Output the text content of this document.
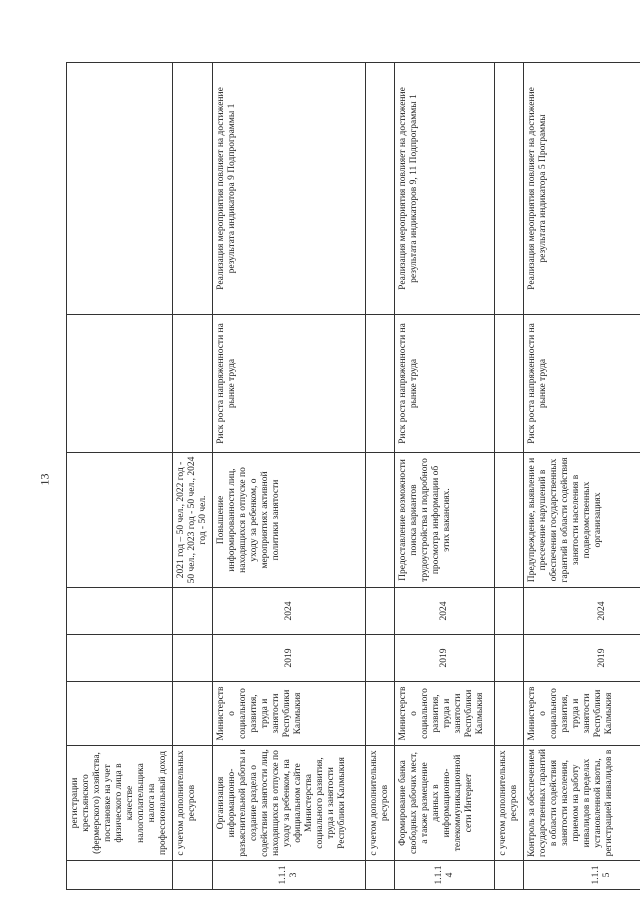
13
	регистрации крестьянского (фермерского) хозяйства, постановке на учет физического лица в качестве налогоплательщика налога на профессиональный доход						
	с учетом дополнительных ресурсов				2021 год – 50 чел., 2022 год - 50 чел., 2023 год - 50 чел., 2024 год - 50 чел.		
1.1.13	Организация информационно-разъяснительной работы и создание раздела о содействии занятости лиц, находящихся в отпуске по уходу за ребенком, на официальном сайте Министерства социального развития, труда и занятости Республики Калмыкия	Министерство социального развития, труда и занятости Республики Калмыкия	2019	2024	Повышение информированности лиц, находящихся в отпуске по уходу за ребенком, о мероприятиях активной политики занятости	Риск роста напряженности на рынке труда	Реализация мероприятия повлияет на достижение результата индикатора 9 Подпрограммы 1
	с учетом дополнительных ресурсов						
1.1.14	Формирование банка свободных рабочих мест, а также размещение данных в информационно-телекоммуникационной сети Интернет	Министерство социального развития, труда и занятости Республики Калмыкия	2019	2024	Предоставление возможности поиска вариантов трудоустройства и подробного просмотра информации об этих вакансиях.	Риск роста напряженности на рынке труда	Реализация мероприятия повлияет на достижение результата индикаторов 9, 11 Подпрограммы 1
	с учетом дополнительных ресурсов						
1.1.15	Контроль за обеспечением государственных гарантий в области содействия занятости населения, приемом на работу инвалидов в пределах установленной квоты, регистрацией инвалидов в	Министерство социального развития, труда и занятости Республики Калмыкия	2019	2024	Предупреждение, выявление и пресечение нарушений в обеспечении государственных гарантий в области содействия занятости населения в подведомственных организациях	Риск роста напряженности на рынке труда	Реализация мероприятия повлияет на достижение результата индикатора 5 Программы
